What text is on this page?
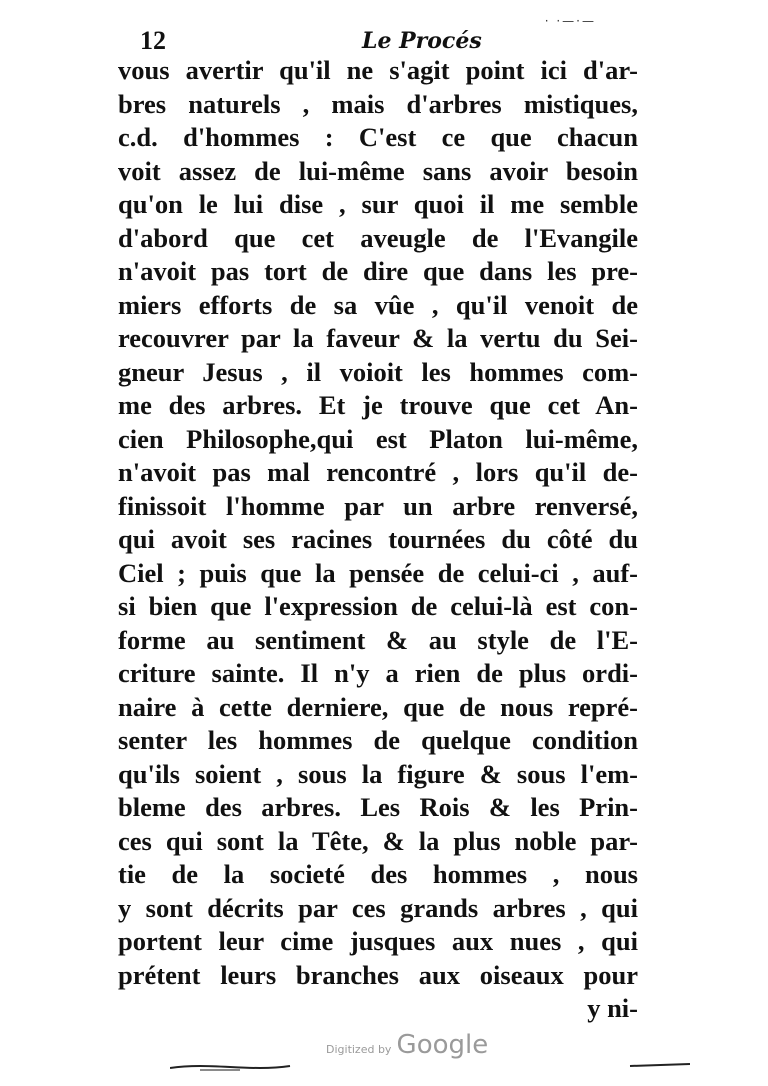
12	Le Procés
· ·—·—
vous avertir qu'il ne s'agit point ici d'ar-
bres naturels , mais d'arbres mistiques,
c.d. d'hommes : C'est ce que chacun
voit assez de lui-même sans avoir besoin
qu'on le lui dise , sur quoi il me semble
d'abord que cet aveugle de l'Evangile
n'avoit pas tort de dire que dans les pre-
miers efforts de sa vûe , qu'il venoit de
recouvrer par la faveur & la vertu du Sei-
gneur Jesus , il voioit les hommes com-
me des arbres. Et je trouve que cet An-
cien Philosophe,qui est Platon lui-même,
n'avoit pas mal rencontré , lors qu'il de-
finissoit l'homme par un arbre renversé,
qui avoit ses racines tournées du côté du
Ciel ; puis que la pensée de celui-ci , auf-
si bien que l'expression de celui-là est con-
forme au sentiment & au style de l'E-
criture sainte. Il n'y a rien de plus ordi-
naire à cette derniere, que de nous repré-
senter les hommes de quelque condition
qu'ils soient , sous la figure & sous l'em-
bleme des arbres. Les Rois & les Prin-
ces qui sont la Tête, & la plus noble par-
tie de la societé des hommes , nous
y sont décrits par ces grands arbres , qui
portent leur cime jusques aux nues , qui
prétent leurs branches aux oiseaux pour
y ni-
Digitized by Google
